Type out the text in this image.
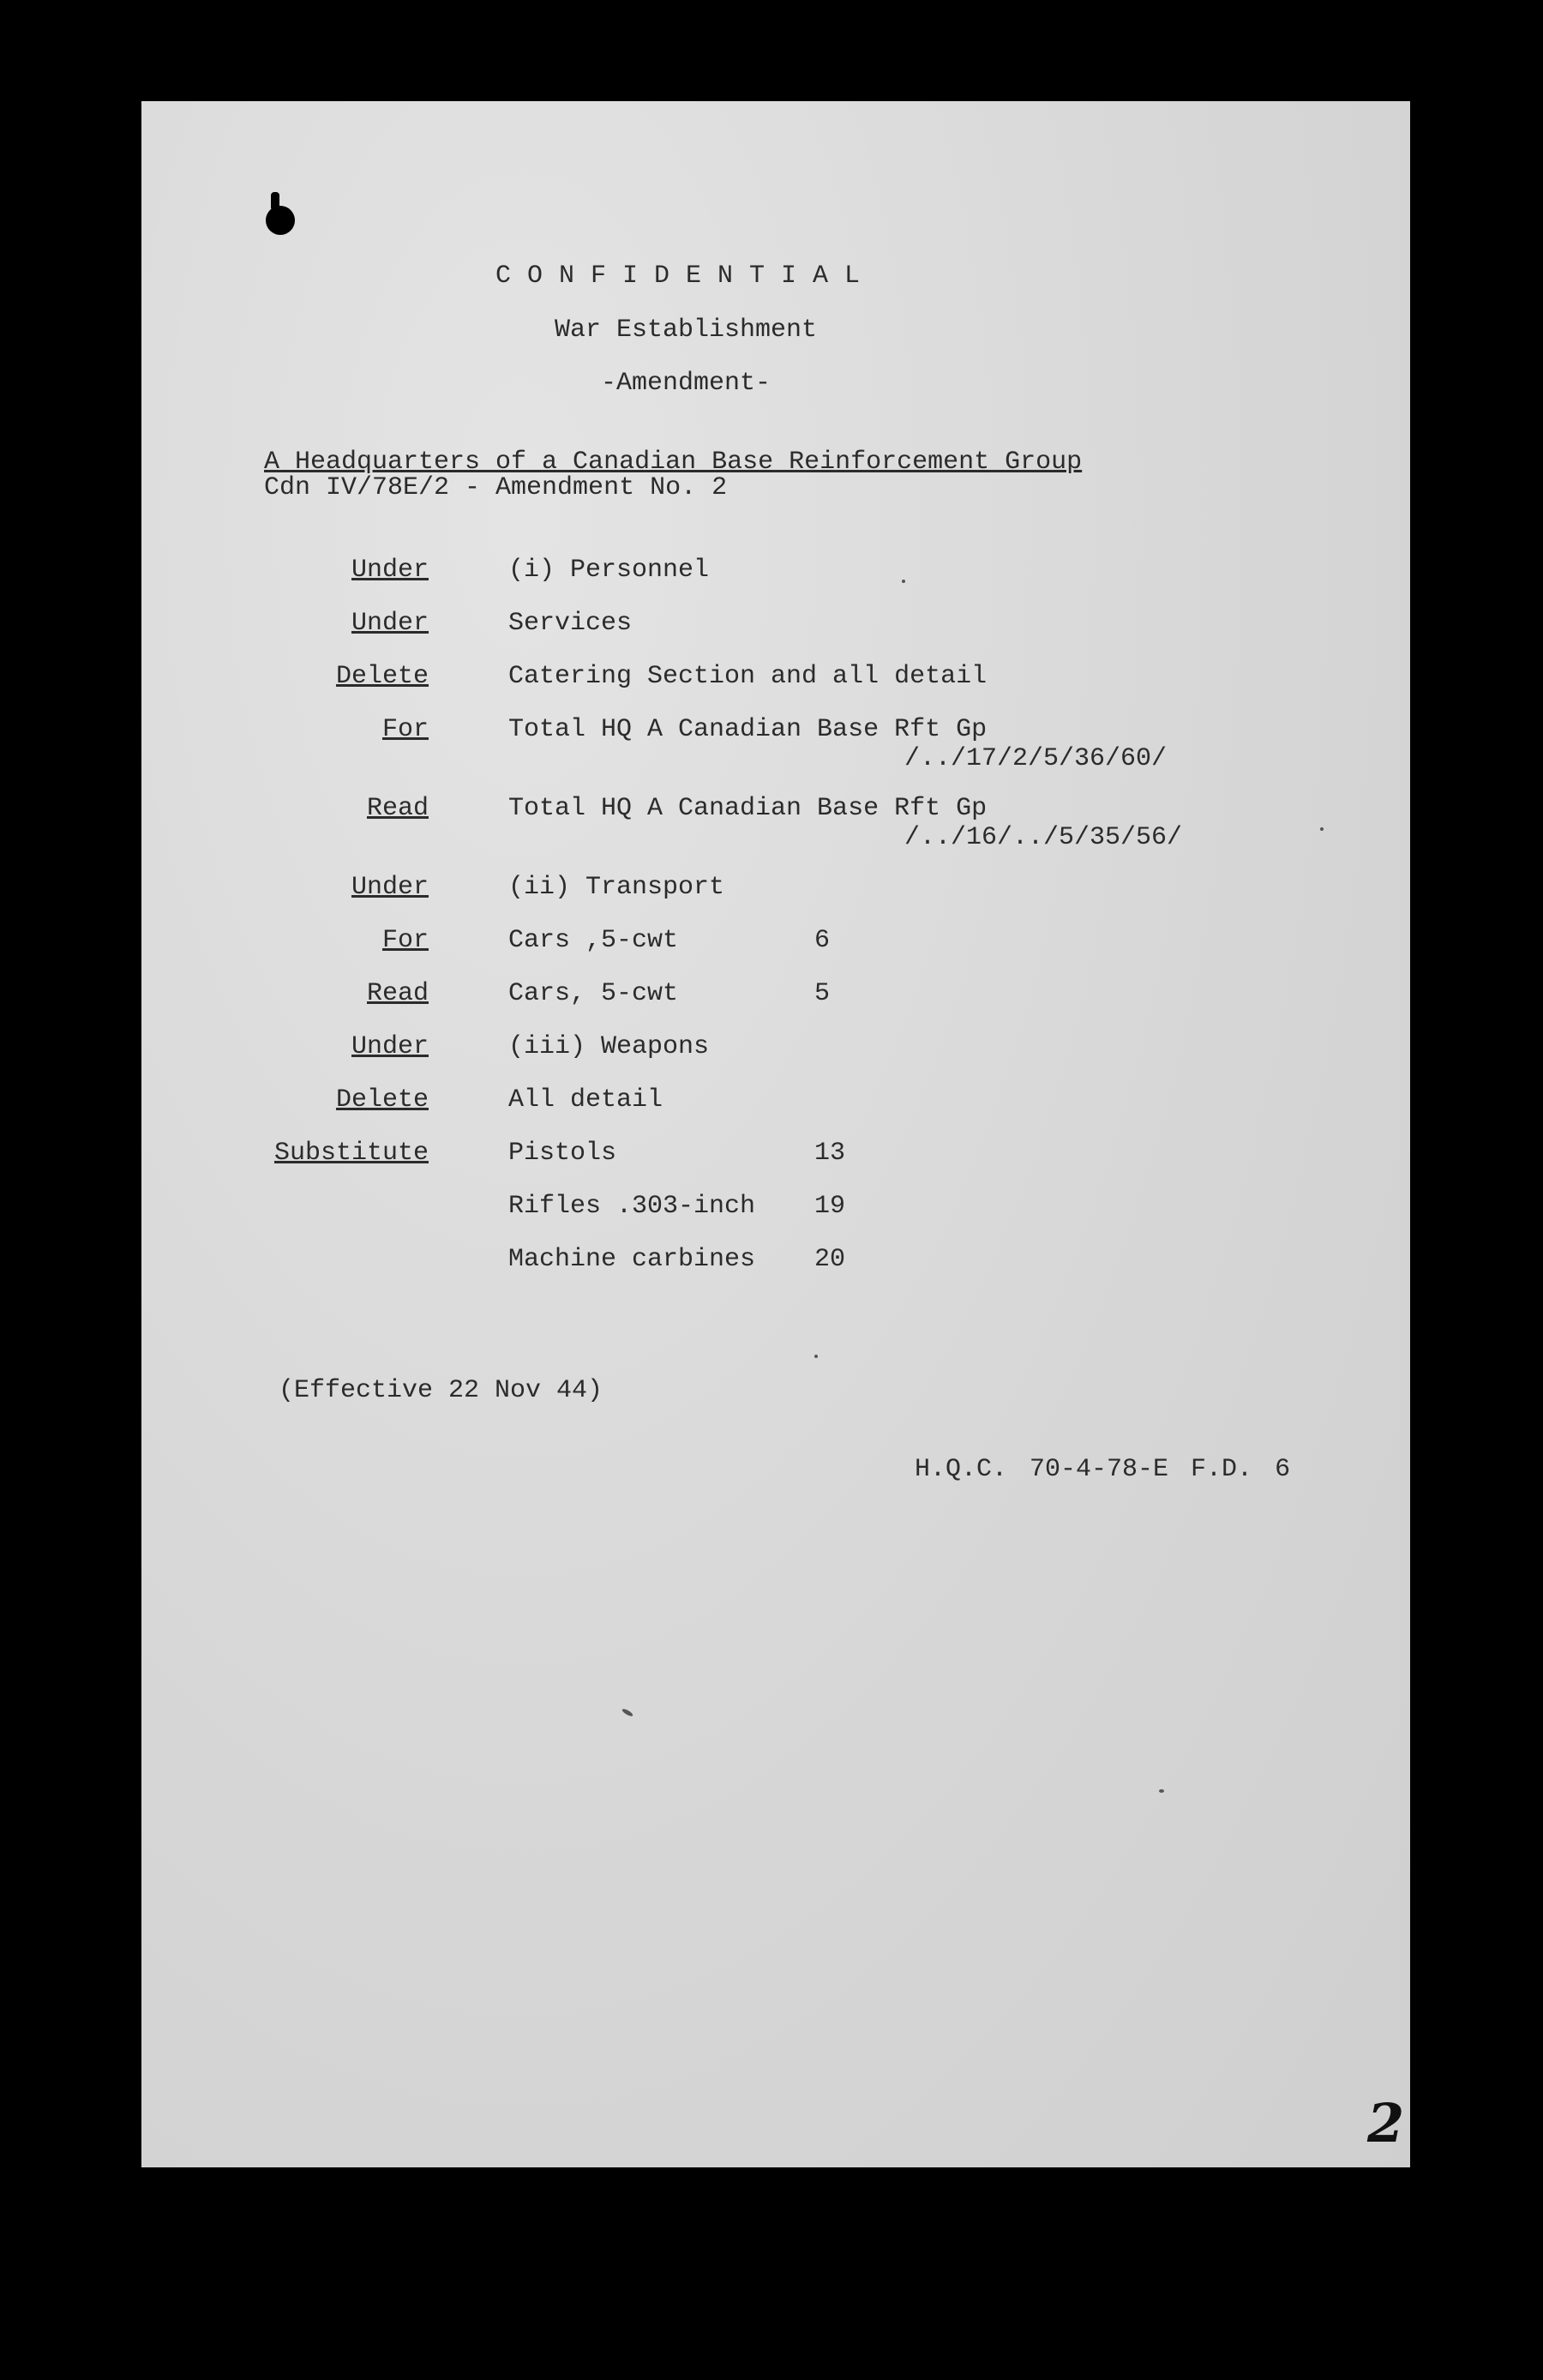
CONFIDENTIAL
War Establishment
-Amendment-
A Headquarters of a Canadian Base Reinforcement Group
Cdn IV/78E/2 - Amendment No. 2
Under	(i) Personnel
Under	Services
Delete	Catering Section and all detail
For	Total HQ A Canadian Base Rft Gp
/../17/2/5/36/60/
Read	Total HQ A Canadian Base Rft Gp
/../16/../5/35/56/
Under	(ii) Transport
For	Cars ,5-cwt	6
Read	Cars, 5-cwt	5
Under	(iii) Weapons
Delete	All detail
Substitute	Pistols	13
Rifles .303-inch 19
Machine carbines 20
(Effective 22 Nov 44)
H.Q.C. 70-4-78-E F.D. 6
2
